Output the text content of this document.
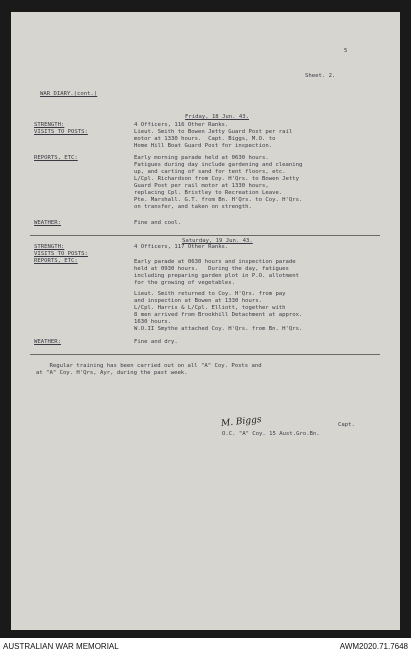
5
Sheet. 2.
WAR DIARY.(cont.)
Friday, 18 Jun. 43.
STRENGTH:	4 Officers, 116 Other Ranks.
VISITS TO POSTS:	Lieut. Smith to Bowen Jetty Guard Post per rail
motor at 1330 hours.  Capt. Biggs, M.O. to
Home Hill Boat Guard Post for inspection.
REPORTS, ETC:	Early morning parade held at 0630 hours.
Fatigues during day include gardening and cleaning
up, and carting of sand for tent floors, etc.
L/Cpl. Richardson from Coy. H'Qrs. to Bowen Jetty
Guard Post per rail motor at 1330 hours,
replacing Cpl. Bristley to Recreation Leave.
Pte. Marshall. G.T. from Bn. H'Qrs. to Coy. H'Qrs.
on transfer, and taken on strength.
WEATHER:	Fine and cool.
Saturday, 19 Jun. 43.
STRENGTH:	4 Officers, 117 Other Ranks.
VISITS TO POSTS:
REPORTS, ETC:	Early parade at 0630 hours and inspection parade
held at 0930 hours.   During the day, fatigues
including preparing garden plot in P.O. allotment
for the growing of vegetables.
Lieut. Smith returned to Coy. H'Qrs. from pay
and inspection at Bowen at 1330 hours.
L/Cpl. Harris & L/Cpl. Elliott, together with
8 men arrived from Brookhill Detachment at approx.
1630 hours.
W.O.II Smythe attached Coy. H'Qrs. from Bn. H'Qrs.
WEATHER:	Fine and dry.
Regular training has been carried out on all "A" Coy. Posts and
at "A" Coy. H'Qrs, Ayr, during the past week.
M. Biggs	Capt.
O.C. "A" Coy. 15 Aust.Gro.Bn.
AUSTRALIAN WAR MEMORIAL	AWM2020.71.7648
